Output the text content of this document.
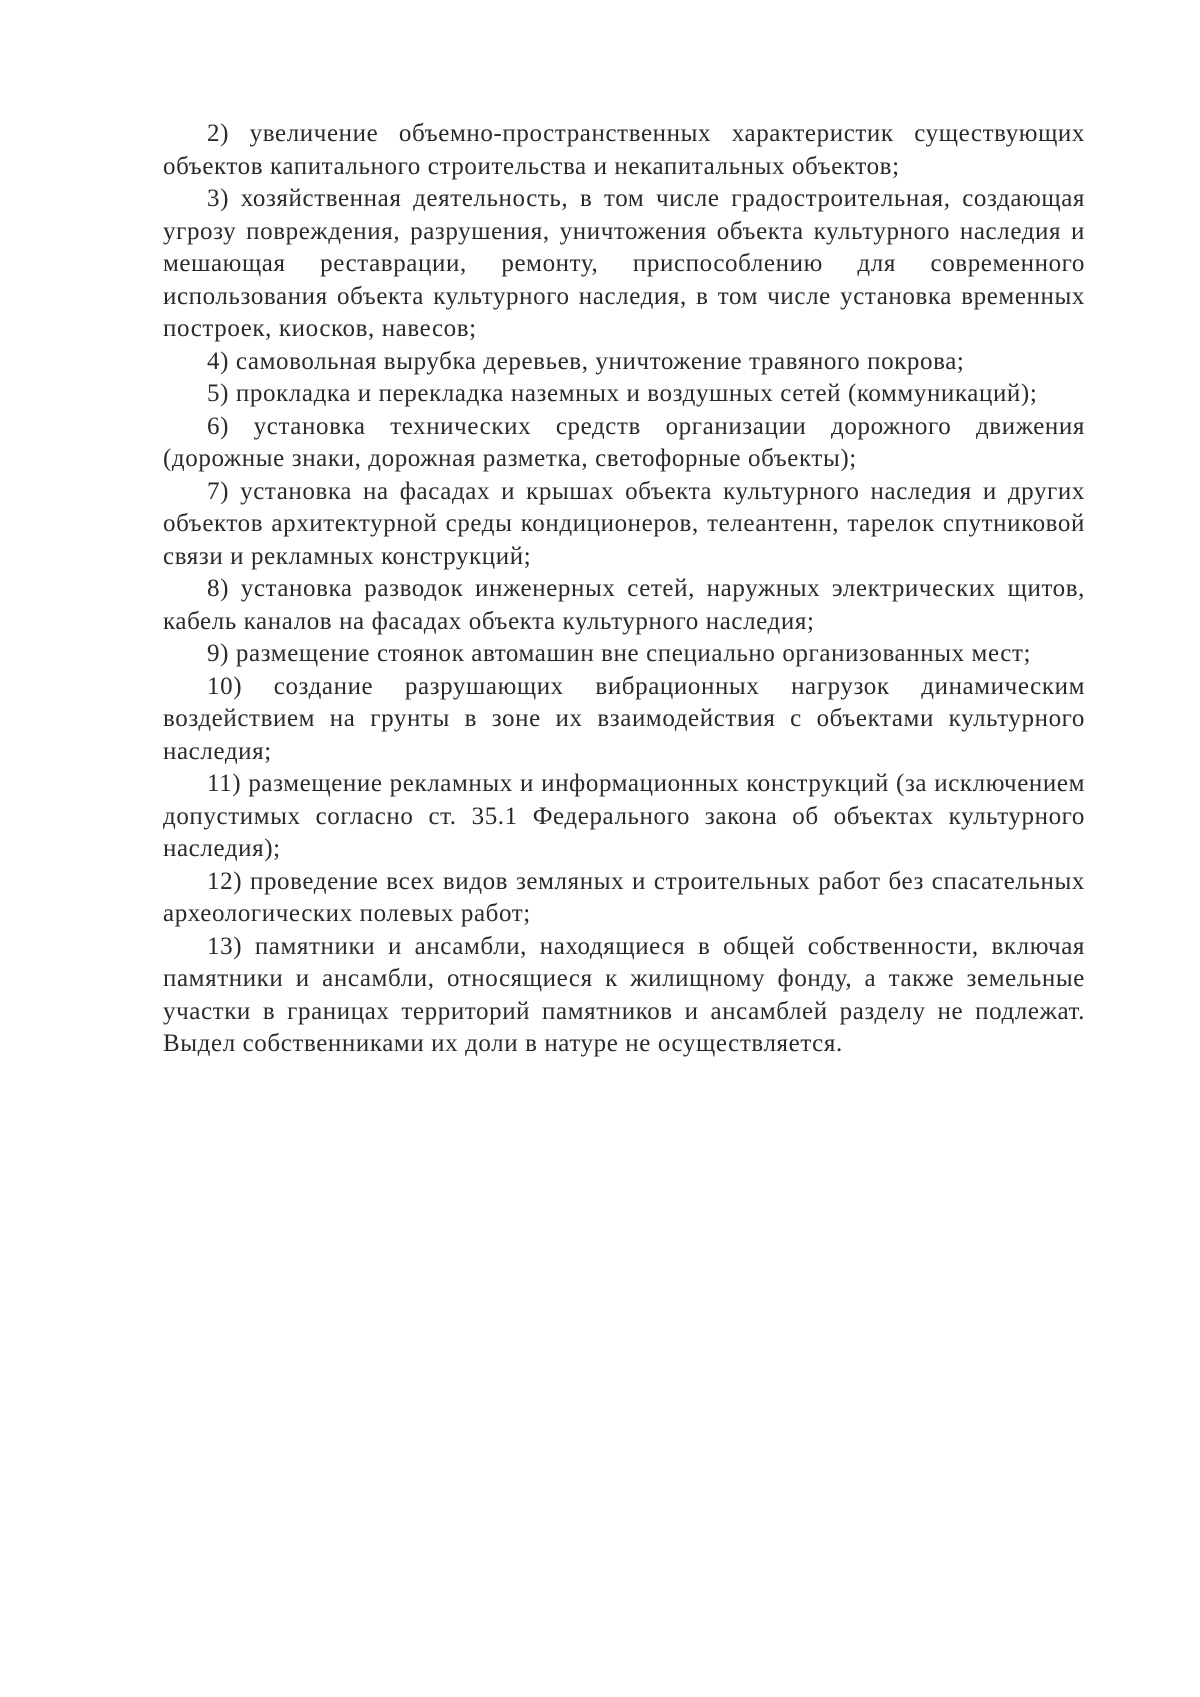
2) увеличение объемно-пространственных характеристик существующих объектов капитального строительства и некапитальных объектов;

3) хозяйственная деятельность, в том числе градостроительная, создающая угрозу повреждения, разрушения, уничтожения объекта культурного наследия и мешающая реставрации, ремонту, приспособлению для современного использования объекта культурного наследия, в том числе установка временных построек, киосков, навесов;

4) самовольная вырубка деревьев, уничтожение травяного покрова;

5) прокладка и перекладка наземных и воздушных сетей (коммуникаций);

6) установка технических средств организации дорожного движения (дорожные знаки, дорожная разметка, светофорные объекты);

7) установка на фасадах и крышах объекта культурного наследия и других объектов архитектурной среды кондиционеров, телеантенн, тарелок спутниковой связи и рекламных конструкций;

8) установка разводок инженерных сетей, наружных электрических щитов, кабель каналов на фасадах объекта культурного наследия;

9) размещение стоянок автомашин вне специально организованных мест;

10) создание разрушающих вибрационных нагрузок динамическим воздействием на грунты в зоне их взаимодействия с объектами культурного наследия;

11) размещение рекламных и информационных конструкций (за исключением допустимых согласно ст. 35.1 Федерального закона об объектах культурного наследия);

12) проведение всех видов земляных и строительных работ без спасательных археологических полевых работ;

13) памятники и ансамбли, находящиеся в общей собственности, включая памятники и ансамбли, относящиеся к жилищному фонду, а также земельные участки в границах территорий памятников и ансамблей разделу не подлежат. Выдел собственниками их доли в натуре не осуществляется.
